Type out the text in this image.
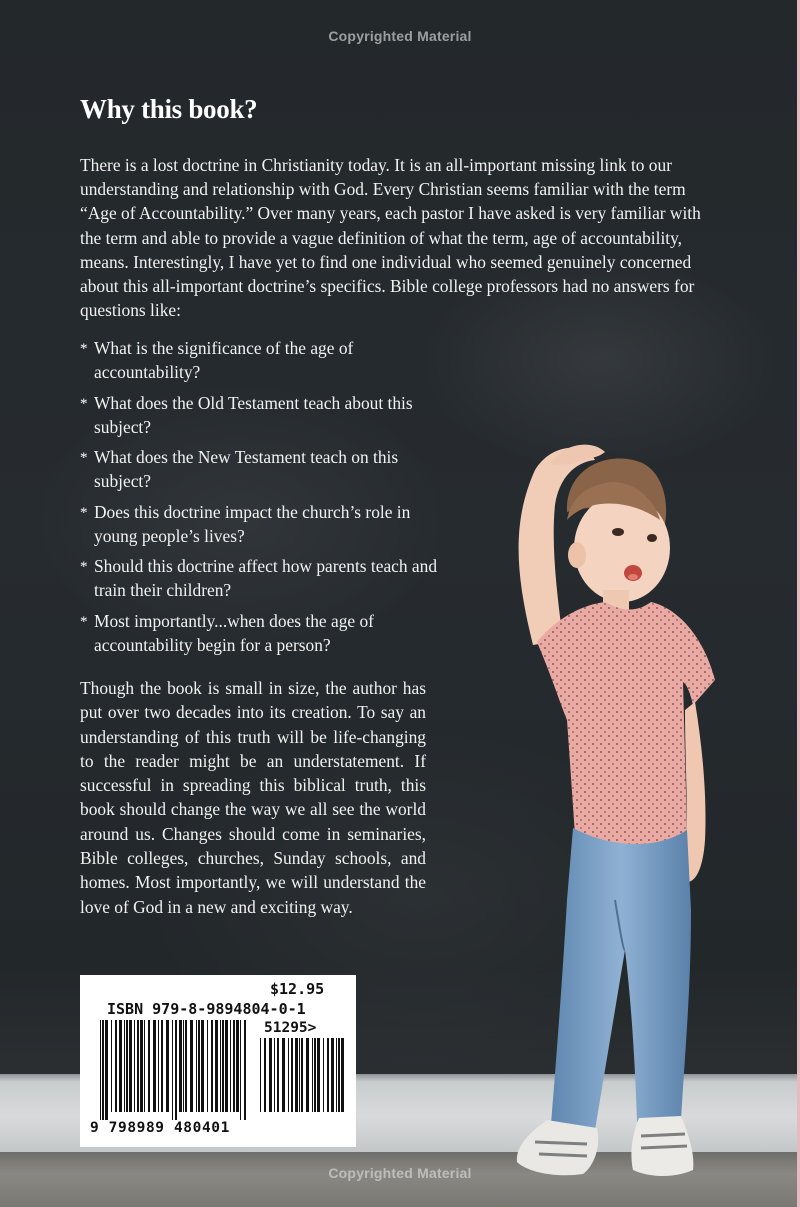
Copyrighted Material
Copyrighted Material
Why this book?

There is a lost doctrine in Christianity today. It is an all-important missing link to our understanding and relationship with God. Every Christian seems familiar with the term “Age of Accountability.” Over many years, each pastor I have asked is very familiar with the term and able to provide a vague definition of what the term, age of accountability, means. Interestingly, I have yet to find one individual who seemed genuinely concerned about this all-important doctrine’s specifics. Bible college professors had no answers for questions like:

* What is the significance of the age of accountability?
* What does the Old Testament teach about this subject?
* What does the New Testament teach on this subject?
* Does this doctrine impact the church’s role in young people’s lives?
* Should this doctrine affect how parents teach and train their children?
* Most importantly...when does the age of accountability begin for a person?

Though the book is small in size, the author has put over two decades into its creation. To say an understanding of this truth will be life-changing to the reader might be an understatement. If successful in spreading this biblical truth, this book should change the way we all see the world around us. Changes should come in seminaries, Bible colleges, churches, Sunday schools, and homes. Most importantly, we will understand the love of God in a new and exciting way.

$12.95
ISBN 979-8-9894804-0-1
51295>
9 798989 480401
